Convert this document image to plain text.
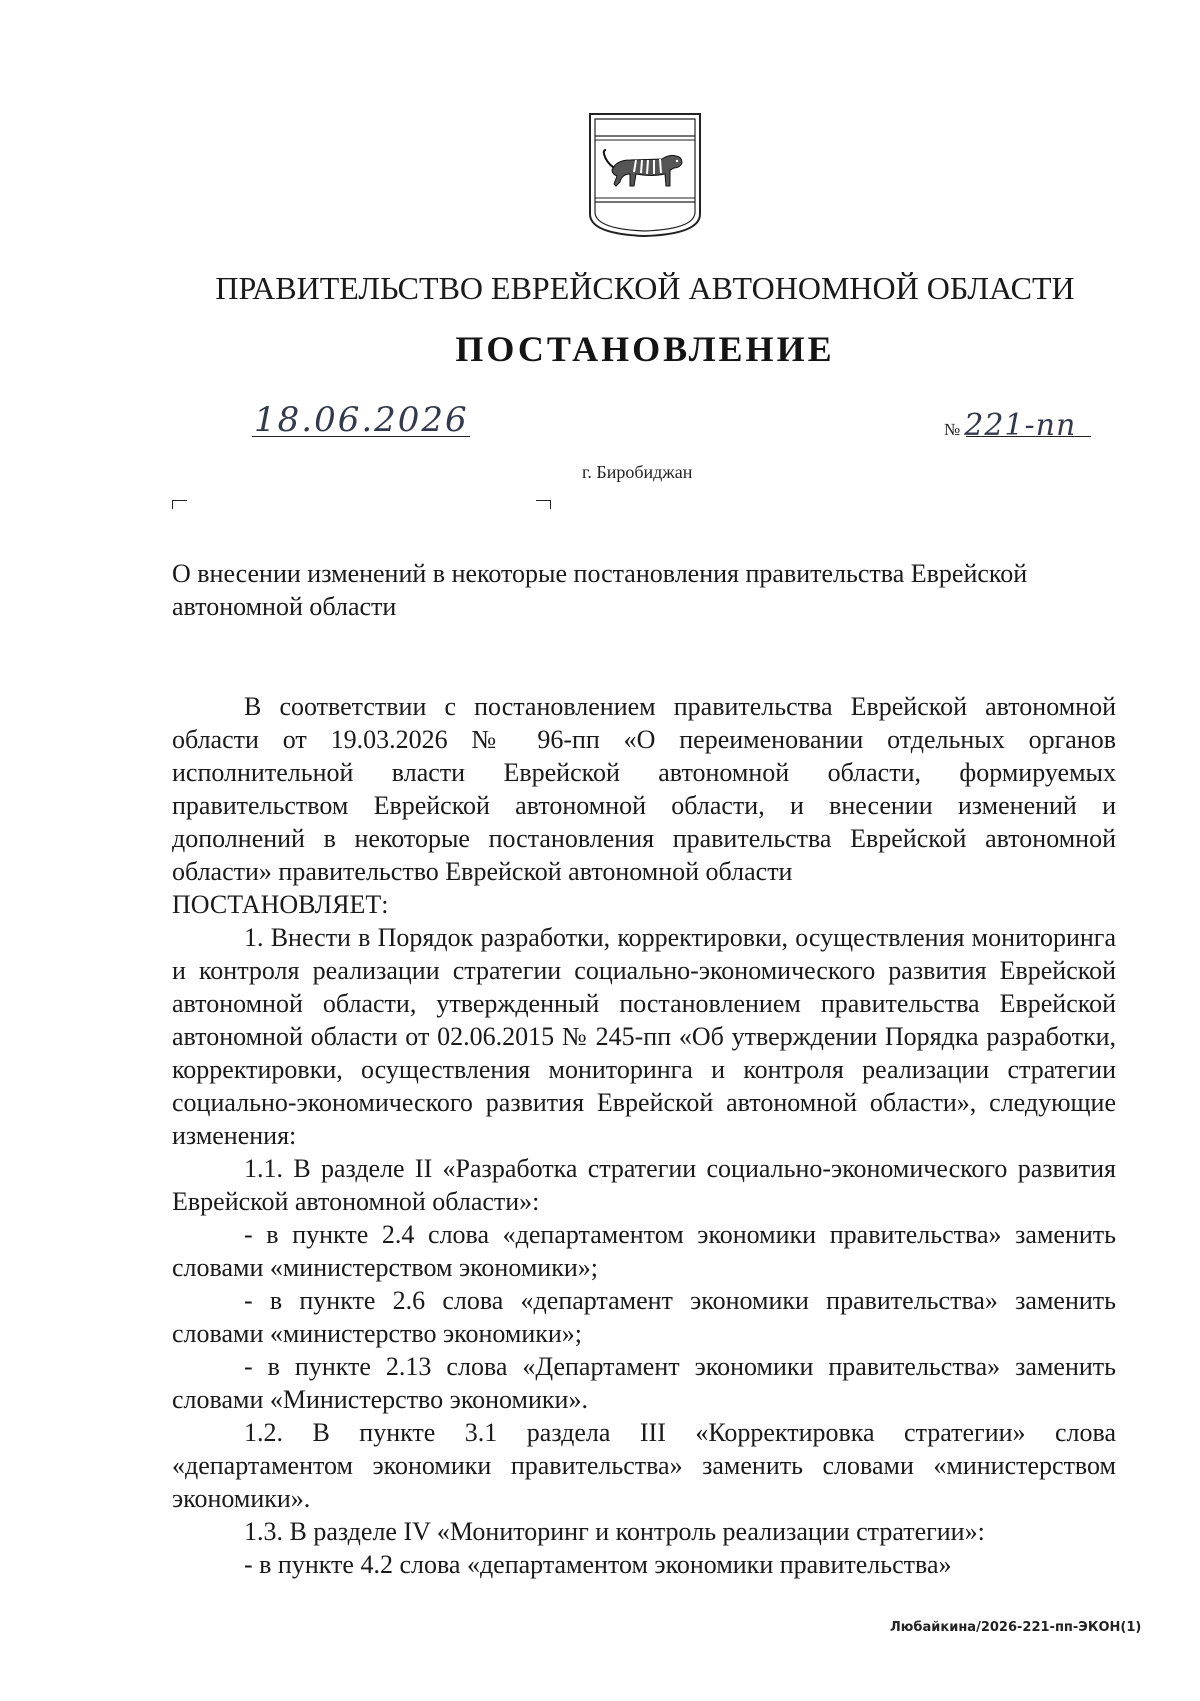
ПРАВИТЕЛЬСТВО ЕВРЕЙСКОЙ АВТОНОМНОЙ ОБЛАСТИ
ПОСТАНОВЛЕНИЕ
18.06.2026	№ 221-пп
г. Биробиджан
О внесении изменений в некоторые постановления правительства Еврейской автономной области

В соответствии с постановлением правительства Еврейской автономной области от 19.03.2026 № 96-пп «О переименовании отдельных органов исполнительной власти Еврейской автономной области, формируемых правительством Еврейской автономной области, и внесении изменений и дополнений в некоторые постановления правительства Еврейской автономной области» правительство Еврейской автономной области

ПОСТАНОВЛЯЕТ:

1. Внести в Порядок разработки, корректировки, осуществления мониторинга и контроля реализации стратегии социально-экономического развития Еврейской автономной области, утвержденный постановлением правительства Еврейской автономной области от 02.06.2015 № 245-пп «Об утверждении Порядка разработки, корректировки, осуществления мониторинга и контроля реализации стратегии социально-экономического развития Еврейской автономной области», следующие изменения:

1.1. В разделе II «Разработка стратегии социально-экономического развития Еврейской автономной области»:

- в пункте 2.4 слова «департаментом экономики правительства» заменить словами «министерством экономики»;

- в пункте 2.6 слова «департамент экономики правительства» заменить словами «министерство экономики»;

- в пункте 2.13 слова «Департамент экономики правительства» заменить словами «Министерство экономики».

1.2. В пункте 3.1 раздела III «Корректировка стратегии» слова «департаментом экономики правительства» заменить словами «министерством экономики».

1.3. В разделе IV «Мониторинг и контроль реализации стратегии»:

- в пункте 4.2 слова «департаментом экономики правительства»

Любайкина/2026-221-пп-ЭКОН(1)
